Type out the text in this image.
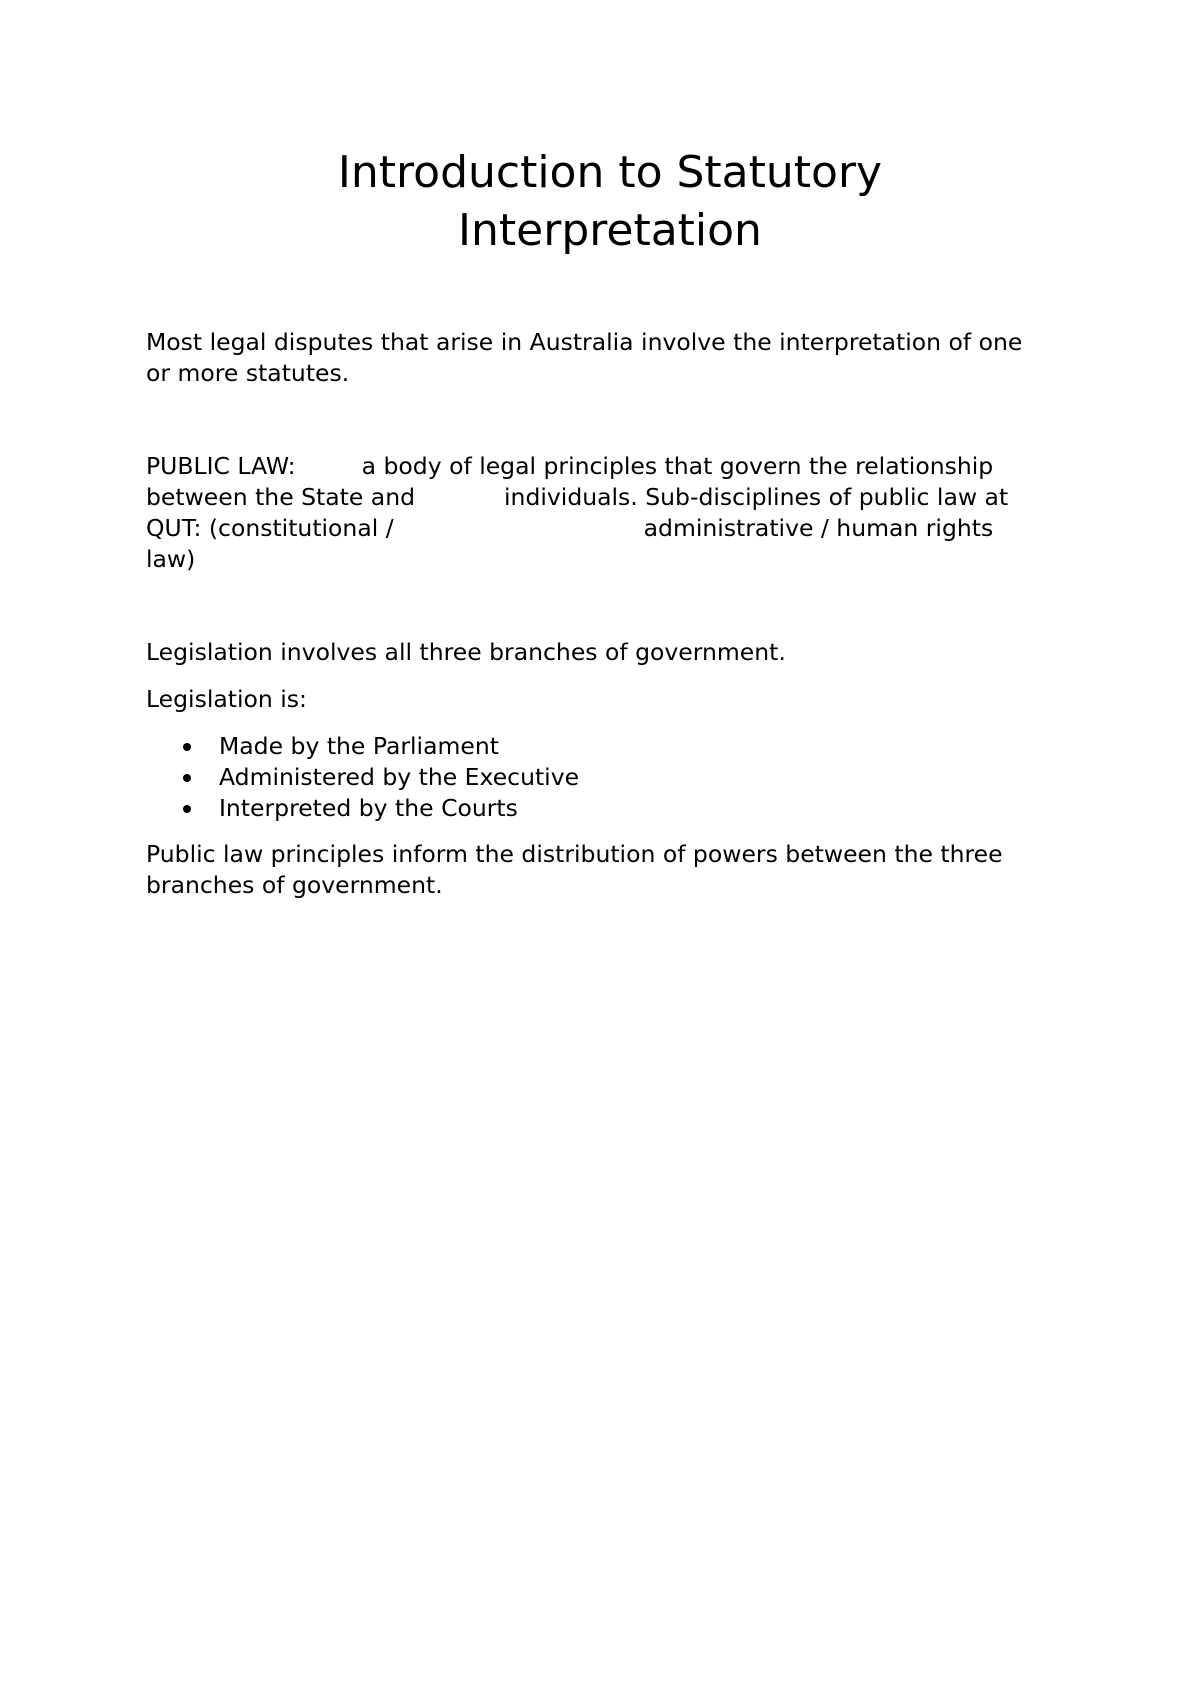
Introduction to Statutory
Interpretation
Most legal disputes that arise in Australia involve the interpretation of one
or more statutes.
PUBLIC LAW:	a body of legal principles that govern the relationship
between the State and	individuals. Sub-disciplines of public law at
QUT: (constitutional /	administrative / human rights
law)
Legislation involves all three branches of government.
Legislation is:
Made by the Parliament
Administered by the Executive
Interpreted by the Courts
Public law principles inform the distribution of powers between the three
branches of government.
